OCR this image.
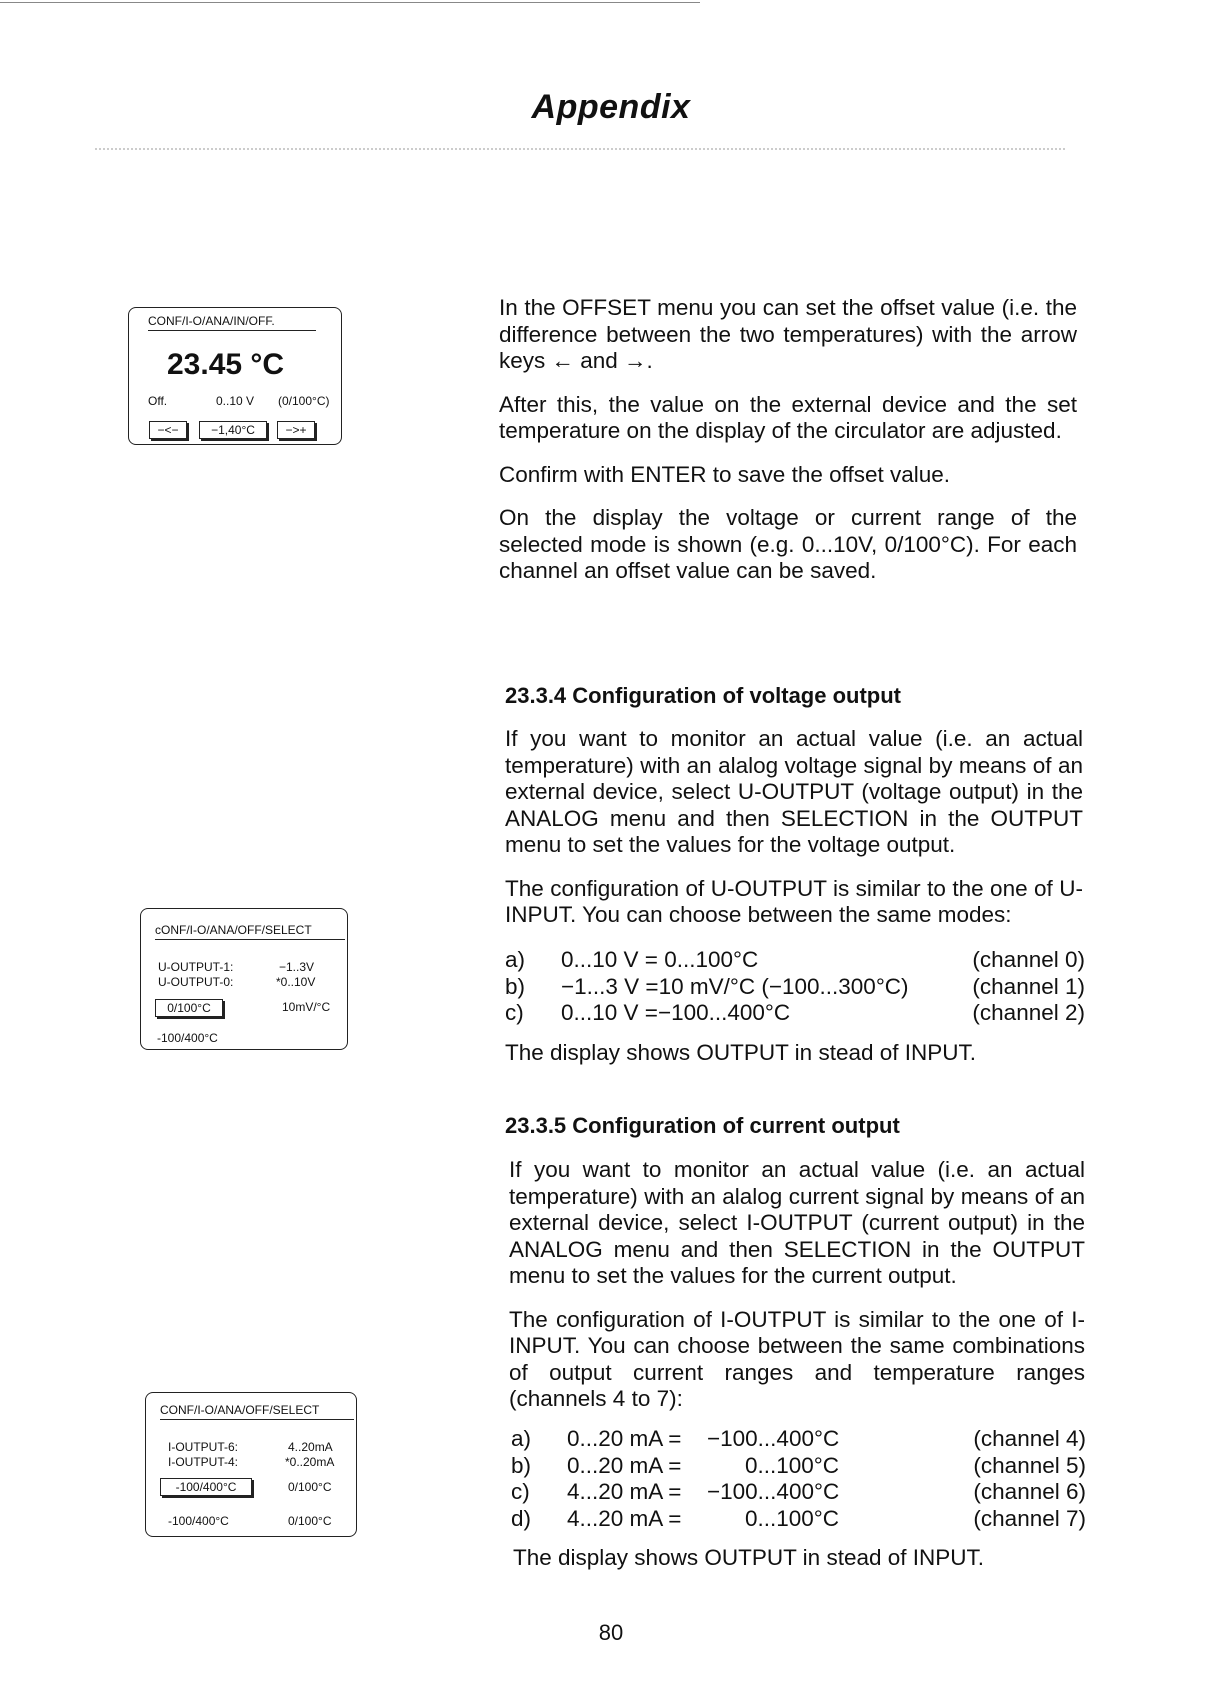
Appendix
CONF/I-O/ANA/IN/OFF.
23.45 °C
Off.	0..10 V (0/100°C)
−<−	−1,40°C	−>+

In the OFFSET menu you can set the offset value (i.e. the difference between the two temperatures) with the arrow keys ← and →.

After this, the value on the external device and the set temperature on the display of the circulator are adjusted.

Confirm with ENTER to save the offset value.

On the display the voltage or current range of the selected mode is shown (e.g. 0...10V, 0/100°C). For each channel an offset value can be saved.

23.3.4 Configuration of voltage output

If you want to monitor an actual value (i.e. an actual temperature) with an alalog voltage signal by means of an external device, select U-OUTPUT (voltage output) in the ANALOG menu and then SELECTION in the OUTPUT menu to set the values for the voltage output.

The configuration of U-OUTPUT is similar to the one of U-INPUT. You can choose between the same modes:

a) 0...10 V = 0...100°C	(channel 0)
b) −1...3 V =10 mV/°C (−100...300°C)	(channel 1)
c) 0...10 V =−100...400°C	(channel 2)
The display shows OUTPUT in stead of INPUT.
cONF/I-O/ANA/OFF/SELECT
U-OUTPUT-1:	−1..3V
U-OUTPUT-0:	*0..10V
0/100°C	10mV/°C
-100/400°C
23.3.5 Configuration of current output

If you want to monitor an actual value (i.e. an actual temperature) with an alalog current signal by means of an external device, select I-OUTPUT (current output) in the ANALOG menu and then SELECTION in the OUTPUT menu to set the values for the current output.

The configuration of I-OUTPUT is similar to the one of I-INPUT. You can choose between the same combinations of output current ranges and temperature ranges (channels 4 to 7):

a) 0...20 mA = −100...400°C	(channel 4)
b) 0...20 mA =	0...100°C	(channel 5)
c) 4...20 mA = −100...400°C	(channel 6)
d) 4...20 mA =	0...100°C	(channel 7)
The display shows OUTPUT in stead of INPUT.
CONF/I-O/ANA/OFF/SELECT
I-OUTPUT-6:	4..20mA
I-OUTPUT-4:	*0..20mA
-100/400°C	0/100°C
-100/400°C	0/100°C
80
